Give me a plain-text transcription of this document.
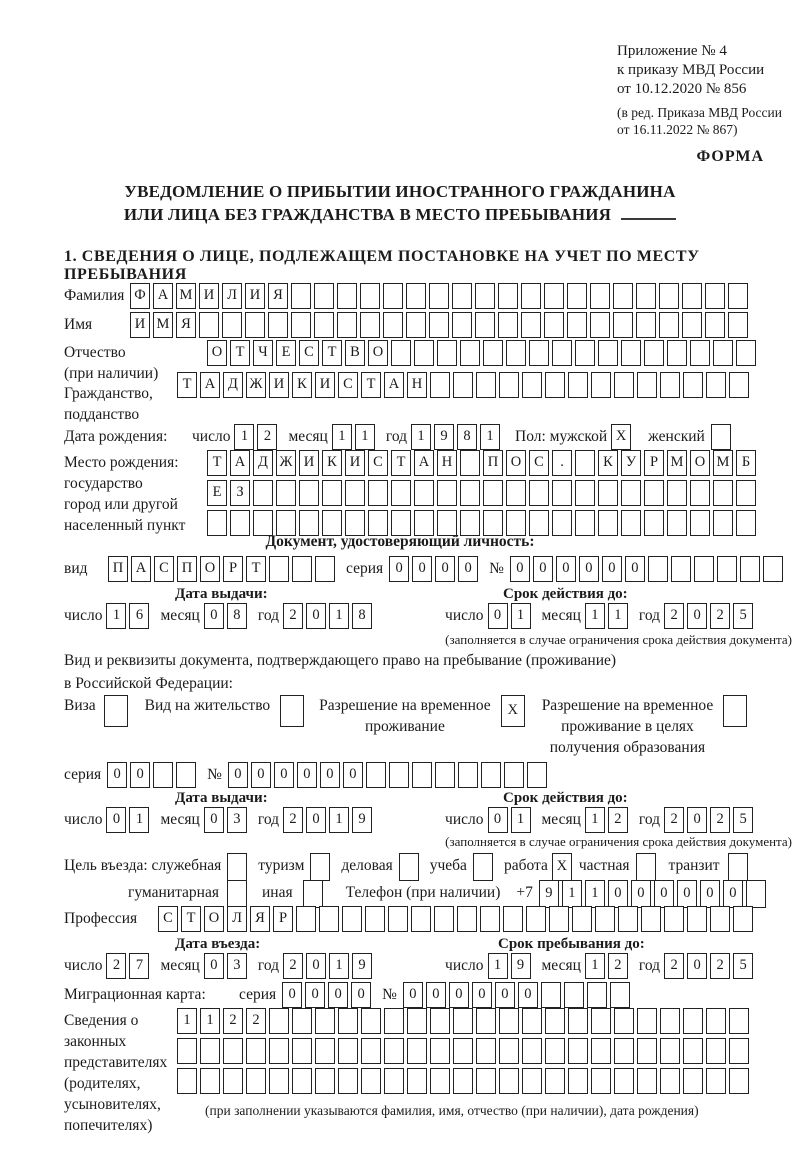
Приложение № 4
к приказу МВД России
от 10.12.2020 № 856
(в ред. Приказа МВД России
от 16.11.2022 № 867)
ФОРМА
УВЕДОМЛЕНИЕ О ПРИБЫТИИ ИНОСТРАННОГО ГРАЖДАНИНА
ИЛИ ЛИЦА БЕЗ ГРАЖДАНСТВА В МЕСТО ПРЕБЫВАНИЯ
1. СВЕДЕНИЯ О ЛИЦЕ, ПОДЛЕЖАЩЕМ ПОСТАНОВКЕ НА УЧЕТ ПО МЕСТУ ПРЕБЫВАНИЯ
Фамилия Ф А М И Л И Я
Имя	И М Я
Отчество
(при наличии)
О Т Ч Е С Т В О
Гражданство,
подданство
Т А Д Ж И К И С Т А Н
Дата рождения:	число 1	2	месяц 1	1	год 1	9	8	1	Пол: мужской X	женский
Место рождения:
государство
город или другой
населенный пункт
Т А Д Ж И К И С Т А Н	П О С	.	К У Р М О М Б
Е	З
Документ, удостоверяющий личность:
вид	П А С П О Р	Т	серия 0	0	0	0	№ 0	0	0	0	0	0
Дата выдачи:	Срок действия до:
число 1	6	месяц 0	8	год 2	0	1	8	число 0	1	месяц 1	1	год 2	0	2	5
(заполняется в случае ограничения срока действия документа)
Вид и реквизиты документа, подтверждающего право на пребывание (проживание)
в Российской Федерации:
Виза	Вид на жительство	Разрешение на временное
проживание
X	Разрешение на временное
проживание в целях
получения образования
серия 0	0	№ 0	0	0	0	0	0
Дата выдачи:	Срок действия до:
число 0	1	месяц 0	3	год 2	0	1	9	число 0	1	месяц 1	2	год 2	0	2	5
(заполняется в случае ограничения срока действия документа)
Цель въезда: служебная туризм деловая учеба работа X частная	транзит
гуманитарная	иная	Телефон (при наличии) +7 9	1	1	0	0	0	0	0	0
Профессия	С Т О Л Я Р
Дата въезда:	Срок пребывания до:
число 2	7	месяц 0	3	год 2	0	1	9	число 1	9	месяц 1	2	год 2	0	2	5
Миграционная карта:	серия 0	0	0	0	№ 0	0	0	0	0	0
Сведения о
законных
представителях
(родителях,
усыновителях,
попечителях)
1	1	2	2
(при заполнении указываются фамилия, имя, отчество (при наличии), дата рождения)
